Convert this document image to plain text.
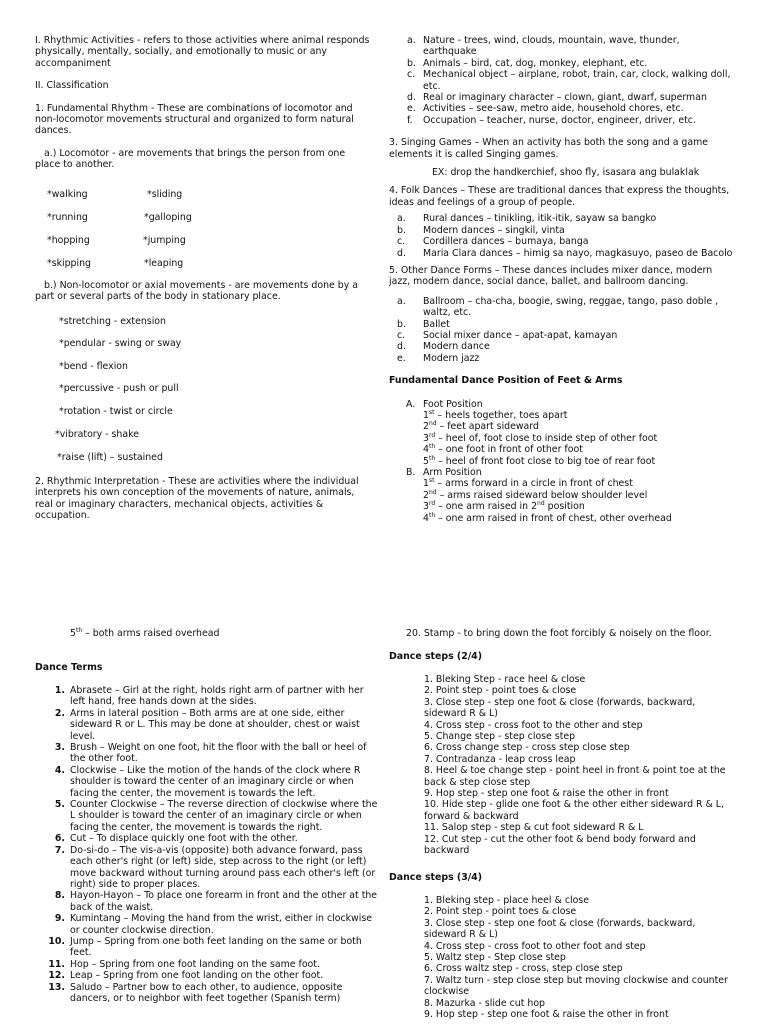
I. Rhythmic Activities - refers to those activities where animal responds physically, mentally, socially, and emotionally to music or any accompaniment

II. Classification

1. Fundamental Rhythm - These are combinations of locomotor and non-locomotor movements structural and organized to form natural dances.

a.) Locomotor - are movements that brings the person from one place to another.

*walking	*sliding
*running	*galloping
*hopping	*jumping
*skipping	*leaping

b.) Non-locomotor or axial movements - are movements done by a part or several parts of the body in stationary place.

*stretching - extension
*pendular - swing or sway
*bend - flexion
*percussive - push or pull
*rotation - twist or circle
*vibratory - shake
*raise (lift) – sustained

2. Rhythmic Interpretation - These are activities where the individual interprets his own conception of the movements of nature, animals, real or imaginary characters, mechanical objects, activities & occupation.

a. Nature - trees, wind, clouds, mountain, wave, thunder, earthquake
b. Animals – bird, cat, dog, monkey, elephant, etc.
c. Mechanical object – airplane, robot, train, car, clock, walking doll, etc.
d. Real or imaginary character – clown, giant, dwarf, superman
e. Activities – see-saw, metro aide, household chores, etc.
f. Occupation – teacher, nurse, doctor, engineer, driver, etc.

3. Singing Games – When an activity has both the song and a game elements it is called Singing games.

EX: drop the handkerchief, shoo fly, isasara ang bulaklak

4. Folk Dances – These are traditional dances that express the thoughts, ideas and feelings of a group of people.

a. Rural dances – tinikling, itik-itik, sayaw sa bangko
b. Modern dances – singkil, vinta
c. Cordillera dances – bumaya, banga
d. Maria Clara dances – himig sa nayo, magkasuyo, paseo de Bacolo

5. Other Dance Forms – These dances includes mixer dance, modern jazz, modern dance, social dance, ballet, and ballroom dancing.

a. Ballroom – cha-cha, boogie, swing, reggae, tango, paso doble , waltz, etc.
b. Ballet
c. Social mixer dance – apat-apat, kamayan
d. Modern dance
e. Modern jazz

Fundamental Dance Position of Feet & Arms

A. Foot Position
1st – heels together, toes apart
2nd – feet apart sideward
3rd – heel of, foot close to inside step of other foot
4th – one foot in front of other foot
5th – heel of front foot close to big toe of rear foot
B. Arm Position
1st – arms forward in a circle in front of chest
2nd – arms raised sideward below shoulder level
3rd – one arm raised in 2nd position
4th – one arm raised in front of chest, other overhead
5th – both arms raised overhead

Dance Terms

1. Abrasete – Girl at the right, holds right arm of partner with her left hand, free hands down at the sides.
2. Arms in lateral position – Both arms are at one side, either sideward R or L. This may be done at shoulder, chest or waist level.
3. Brush – Weight on one foot, hit the floor with the ball or heel of the other foot.
4. Clockwise – Like the motion of the hands of the clock where R shoulder is toward the center of an imaginary circle or when facing the center, the movement is towards the left.
5. Counter Clockwise – The reverse direction of clockwise where the L shoulder is toward the center of an imaginary circle or when facing the center, the movement is towards the right.
6. Cut – To displace quickly one foot with the other.
7. Do-si-do – The vis-a-vis (opposite) both advance forward, pass each other's right (or left) side, step across to the right (or left) move backward without turning around pass each other's left (or right) side to proper places.
8. Hayon-Hayon – To place one forearm in front and the other at the back of the waist.
9. Kumintang – Moving the hand from the wrist, either in clockwise or counter clockwise direction.
10. Jump – Spring from one both feet landing on the same or both feet.
11. Hop – Spring from one foot landing on the same foot.
12. Leap – Spring from one foot landing on the other foot.
13. Saludo – Partner bow to each other, to audience, opposite dancers, or to neighbor with feet together (Spanish term)

20. Stamp - to bring down the foot forcibly & noisely on the floor.

Dance steps (2/4)

1. Bleking Step - race heel & close
2. Point step - point toes & close
3. Close step - step one foot & close (forwards, backward, sideward R & L)
4. Cross step - cross foot to the other and step
5. Change step - step close step
6. Cross change step - cross step close step
7. Contradanza - leap cross leap
8. Heel & toe change step - point heel in front & point toe at the back & step close step
9. Hop step - step one foot & raise the other in front
10. Hide step - glide one foot & the other either sideward R & L, forward & backward
11. Salop step - step & cut foot sideward R & L
12. Cut step - cut the other foot & bend body forward and backward

Dance steps (3/4)

1. Bleking step - place heel & close
2. Point step - point toes & close
3. Close step - step one foot & close (forwards, backward, sideward R & L)
4. Cross step - cross foot to other foot and step
5. Waltz step - Step close step
6. Cross waltz step - cross, step close step
7. Waltz turn - step close step but moving clockwise and counter clockwise
8. Mazurka - slide cut hop
9. Hop step - step one foot & raise the other in front
